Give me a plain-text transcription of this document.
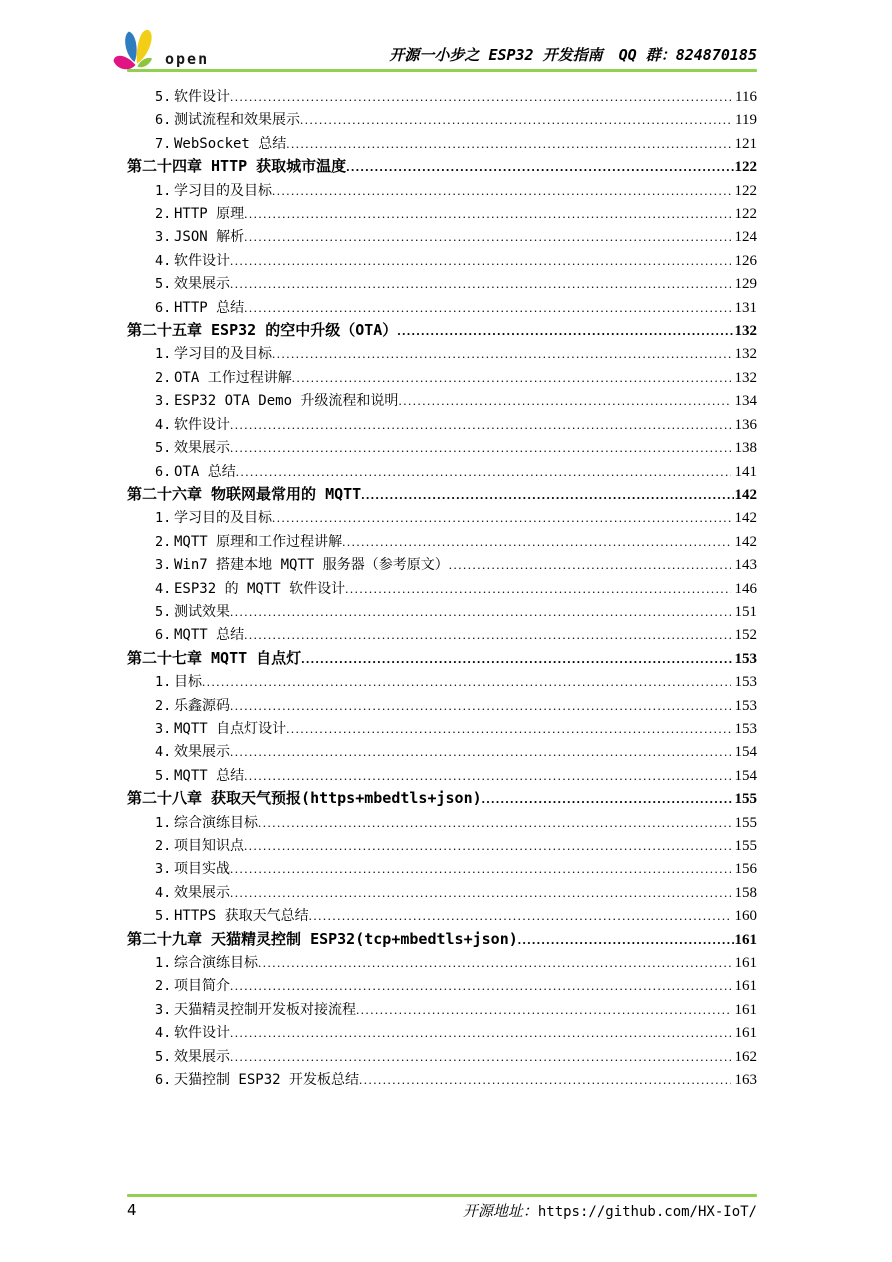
open	开源一小步之 ESP32 开发指南 QQ 群：824870185
5. 软件设计 .....	116
6. 测试流程和效果展示 .....	119
7. WebSocket 总结 .....	121
第二十四章 HTTP 获取城市温度 .....	122
1. 学习目的及目标 .....	122
2. HTTP 原理 .....	122
3. JSON 解析 .....	124
4. 软件设计 .....	126
5. 效果展示 .....	129
6. HTTP 总结 .....	131
第二十五章 ESP32 的空中升级（OTA） .....	132
1. 学习目的及目标 .....	132
2. OTA 工作过程讲解 .....	132
3. ESP32 OTA Demo 升级流程和说明 .....	134
4. 软件设计 .....	136
5. 效果展示 .....	138
6. OTA 总结 .....	141
第二十六章 物联网最常用的 MQTT .....	142
1. 学习目的及目标 .....	142
2. MQTT 原理和工作过程讲解 .....	142
3. Win7 搭建本地 MQTT 服务器（参考原文） .....	143
4. ESP32 的 MQTT 软件设计 .....	146
5. 测试效果 .....	151
6. MQTT 总结 .....	152
第二十七章 MQTT 自点灯 .....	153
1. 目标 .....	153
2. 乐鑫源码 .....	153
3. MQTT 自点灯设计 .....	153
4. 效果展示 .....	154
5. MQTT 总结 .....	154
第二十八章 获取天气预报(https+mbedtls+json) .....	155
1. 综合演练目标 .....	155
2. 项目知识点 .....	155
3. 项目实战 .....	156
4. 效果展示 .....	158
5. HTTPS 获取天气总结 .....	160
第二十九章 天猫精灵控制 ESP32(tcp+mbedtls+json) .....	161
1. 综合演练目标 .....	161
2. 项目简介 .....	161
3. 天猫精灵控制开发板对接流程 .....	161
4. 软件设计 .....	161
5. 效果展示 .....	162
6. 天猫控制 ESP32 开发板总结 .....	163
4	开源地址：https://github.com/HX-IoT/
